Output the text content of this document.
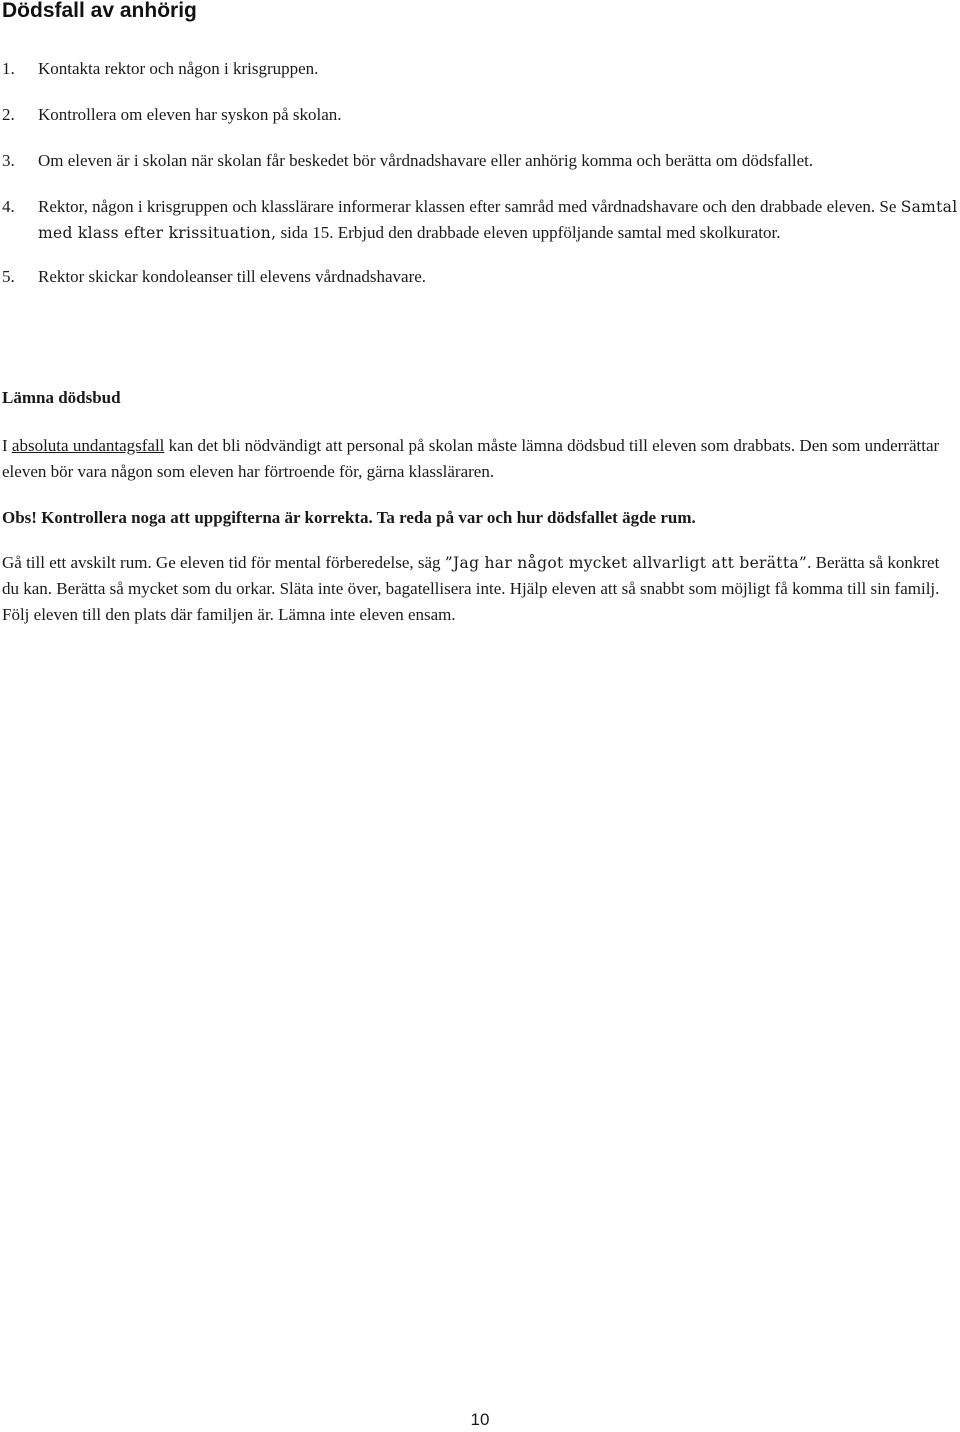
Dödsfall av anhörig
1. Kontakta rektor och någon i krisgruppen.
2. Kontrollera om eleven har syskon på skolan.
3. Om eleven är i skolan när skolan får beskedet bör vårdnadshavare eller anhörig komma och berätta om dödsfallet.
4. Rektor, någon i krisgruppen och klasslärare informerar klassen efter samråd med vårdnadshavare och den drabbade eleven. Se Samtal med klass efter krissituation, sida 15. Erbjud den drabbade eleven uppföljande samtal med skolkurator.
5. Rektor skickar kondoleanser till elevens vårdnadshavare.
Lämna dödsbud

I absoluta undantagsfall kan det bli nödvändigt att personal på skolan måste lämna dödsbud till eleven som drabbats. Den som underrättar eleven bör vara någon som eleven har förtroende för, gärna klassläraren.

Obs! Kontrollera noga att uppgifterna är korrekta. Ta reda på var och hur dödsfallet ägde rum.

Gå till ett avskilt rum. Ge eleven tid för mental förberedelse, säg ”Jag har något mycket allvarligt att berätta”. Berätta så konkret du kan. Berätta så mycket som du orkar. Släta inte över, bagatellisera inte. Hjälp eleven att så snabbt som möjligt få komma till sin familj. Följ eleven till den plats där familjen är. Lämna inte eleven ensam.

10
